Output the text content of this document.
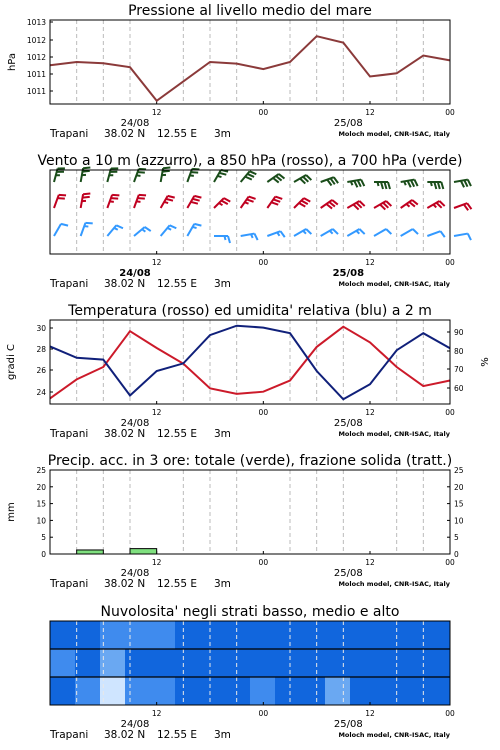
Pressione al livello medio del mare
12	00	12	00
24/08	25/08
Trapani 38.02 N 12.55 E 3m	Moloch model, CNR-ISAC, Italy
1011
1011
1012
1012
1013
hPa
Vento a 10 m (azzurro), a 850 hPa (rosso), a 700 hPa (verde)
12	00	12	00
24/08	25/08
Trapani 38.02 N 12.55 E 3m	Moloch model, CNR-ISAC, Italy
Temperatura (rosso) ed umidita' relativa (blu) a 2 m
12	00	12	00
24/08	25/08
Trapani 38.02 N 12.55 E 3m	Moloch model, CNR-ISAC, Italy
24
26
28
30
60
70
80
90
gradi C	%
Precip. acc. in 3 ore: totale (verde), frazione solida (tratt.)
12	00	12	00
24/08	25/08
Trapani 38.02 N 12.55 E 3m	Moloch model, CNR-ISAC, Italy
0	0
5	5
10	10
15	15
20	20
25	25
mm
Nuvolosita' negli strati basso, medio e alto
12	00	12	00
24/08	25/08
Trapani 38.02 N 12.55 E 3m	Moloch model, CNR-ISAC, Italy
